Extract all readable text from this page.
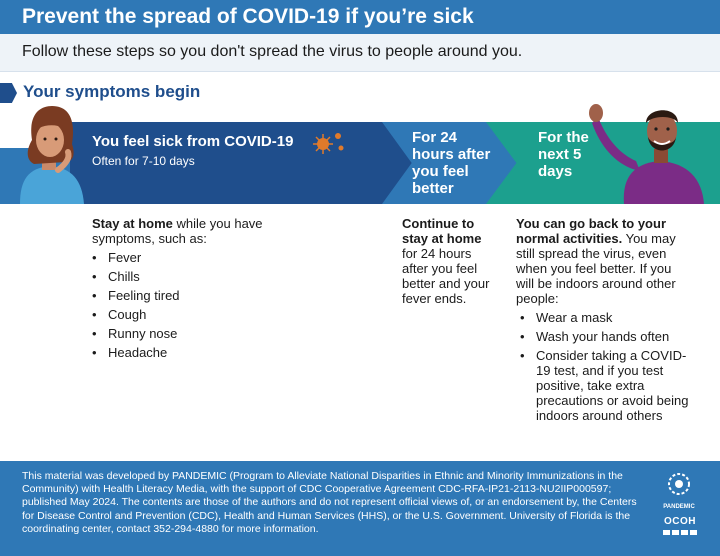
Prevent the spread of COVID-19 if you’re sick

Follow these steps so you don't spread the virus to people around you.

Your symptoms begin
You feel sick from COVID-19
Often for 7-10 days
For 24 hours after you feel better
For the next 5 days
Stay at home while you have symptoms, such as:
• Fever
• Chills
• Feeling tired
• Cough
• Runny nose
• Headache
Continue to stay at home for 24 hours after you feel better and your fever ends.
You can go back to your normal activities. You may still spread the virus, even when you feel better. If you will be indoors around other people:
• Wear a mask
• Wash your hands often
• Consider taking a COVID-19 test, and if you test positive, take extra precautions or avoid being indoors around others

This material was developed by PANDEMIC (Program to Alleviate National Disparities in Ethnic and Minority Immunizations in the Community) with Health Literacy Media, with the support of CDC Cooperative Agreement CDC-RFA-IP21-2113-NU2IIP000597; published May 2024. The contents are those of the authors and do not represent official views of, or an endorsement by, the Centers for Disease Control and Prevention (CDC), Health and Human Services (HHS), or the U.S. Government. University of Florida is the coordinating center, contact 352-294-4880 for more information.

PANDEMIC
OCOH
